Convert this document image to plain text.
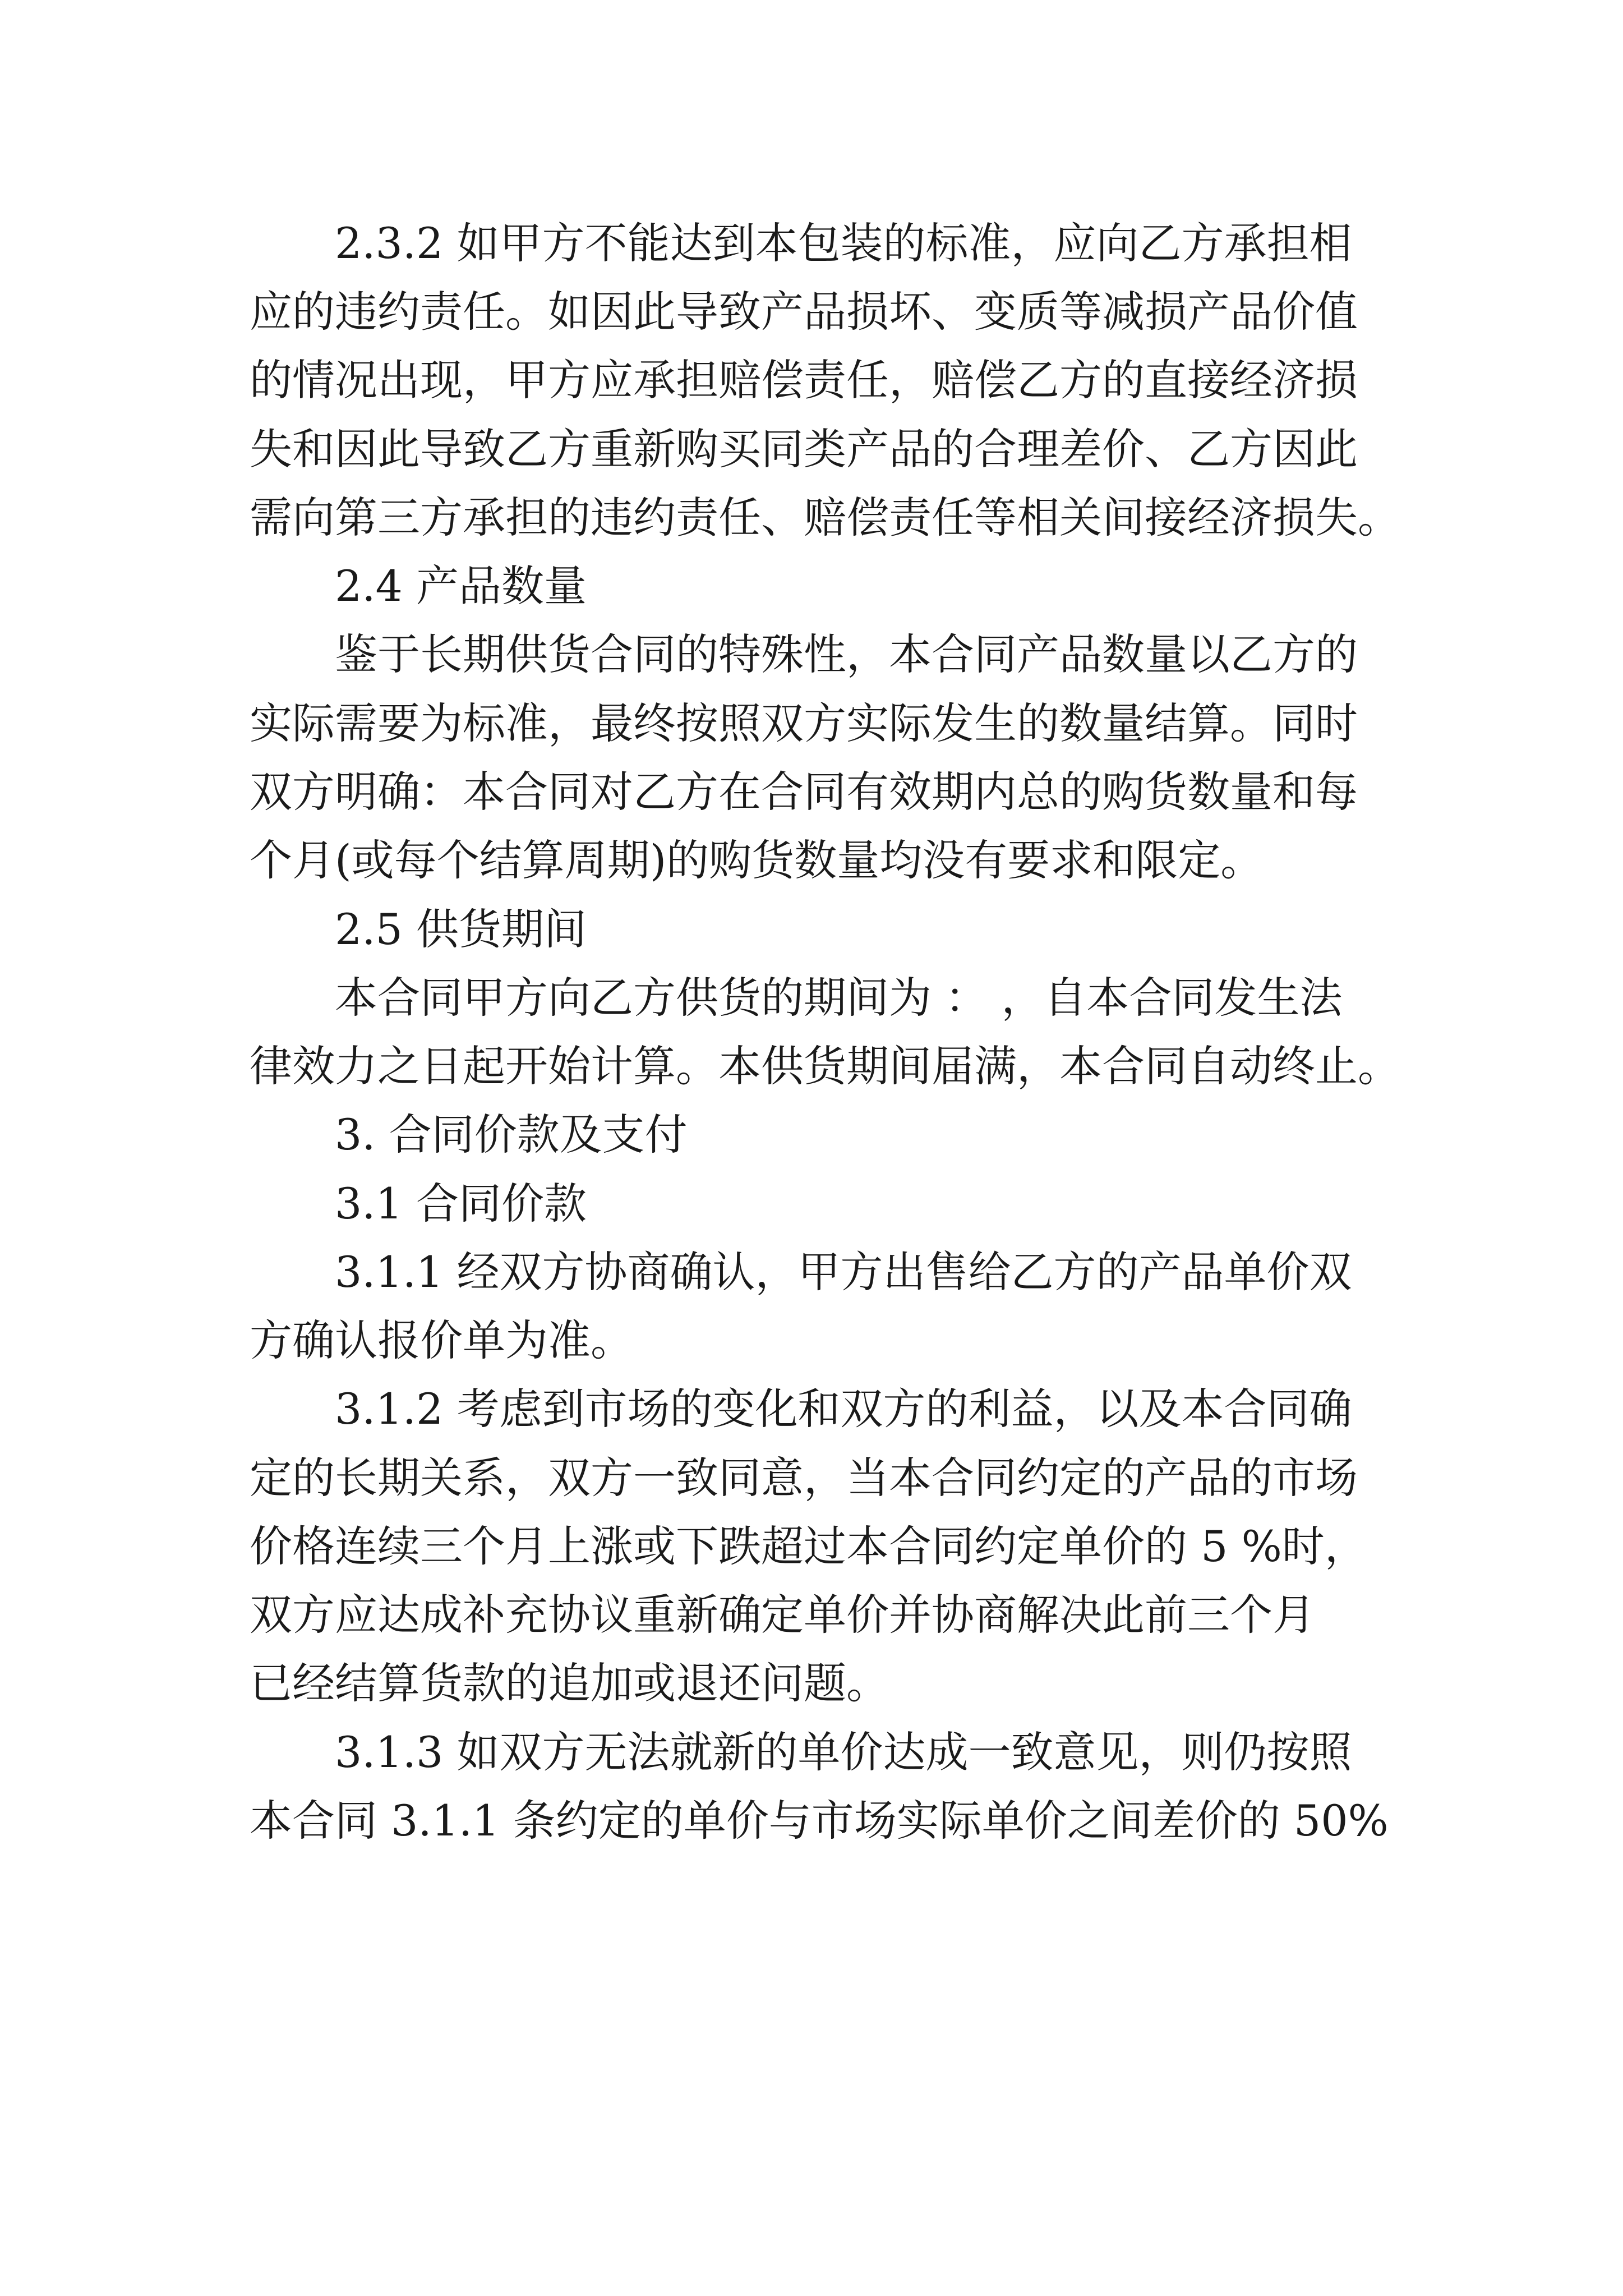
2.3.2 如甲方不能达到本包装的标准，应向乙方承担相

应的违约责任。如因此导致产品损坏、变质等减损产品价值

的情况出现，甲方应承担赔偿责任，赔偿乙方的直接经济损

失和因此导致乙方重新购买同类产品的合理差价、乙方因此

需向第三方承担的违约责任、赔偿责任等相关间接经济损失。

2.4 产品数量

鉴于长期供货合同的特殊性，本合同产品数量以乙方的

实际需要为标准，最终按照双方实际发生的数量结算。同时

双方明确：本合同对乙方在合同有效期内总的购货数量和每

个月(或每个结算周期)的购货数量均没有要求和限定。

2.5 供货期间

本合同甲方向乙方供货的期间为 ： ，自本合同发生法

律效力之日起开始计算。本供货期间届满，本合同自动终止。

3. 合同价款及支付

3.1 合同价款

3.1.1 经双方协商确认，甲方出售给乙方的产品单价双

方确认报价单为准。

3.1.2 考虑到市场的变化和双方的利益，以及本合同确

定的长期关系，双方一致同意，当本合同约定的产品的市场

价格连续三个月上涨或下跌超过本合同约定单价的 5 %时，

双方应达成补充协议重新确定单价并协商解决此前三个月

已经结算货款的追加或退还问题。

3.1.3 如双方无法就新的单价达成一致意见，则仍按照

本合同 3.1.1 条约定的单价与市场实际单价之间差价的 50%
